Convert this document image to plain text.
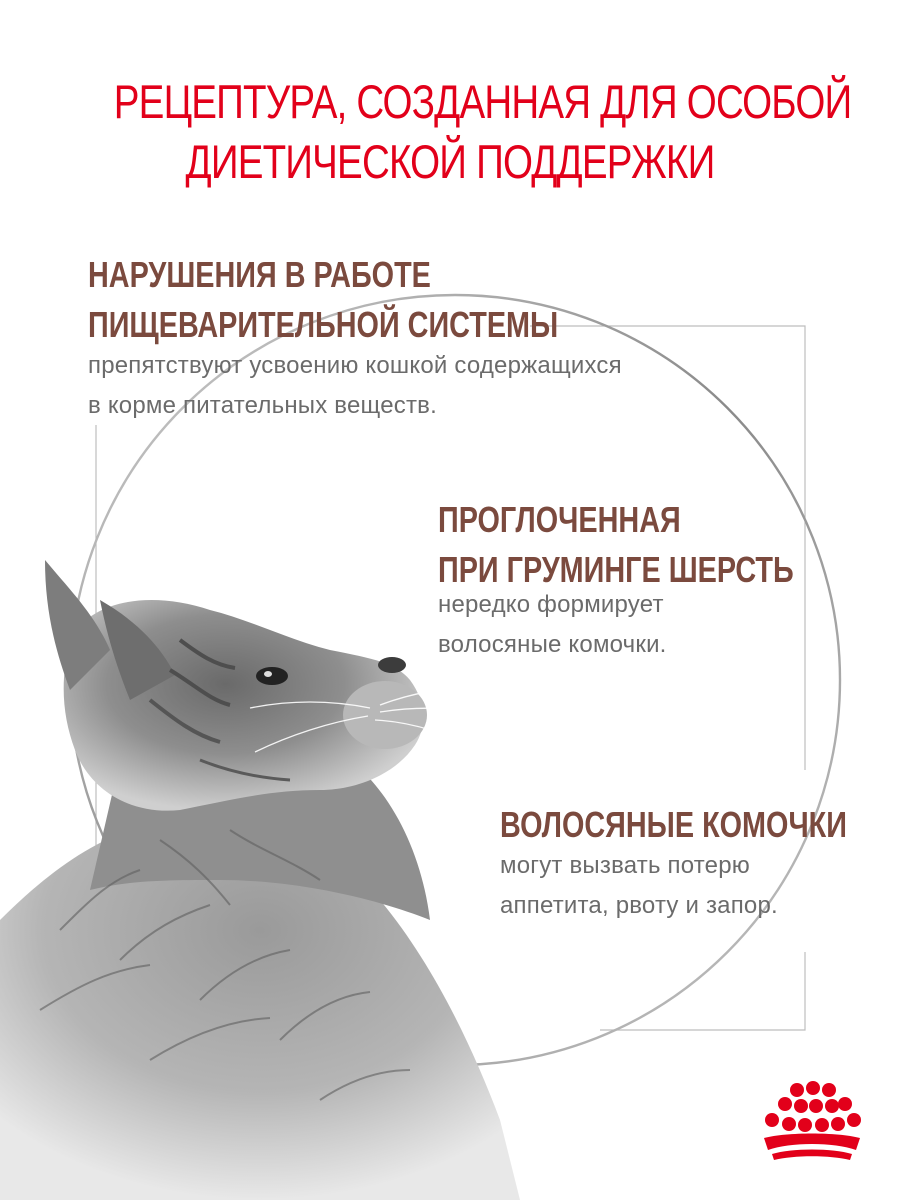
РЕЦЕПТУРА, СОЗДАННАЯ ДЛЯ ОСОБОЙ
ДИЕТИЧЕСКОЙ ПОДДЕРЖКИ
НАРУШЕНИЯ В РАБОТЕ
ПИЩЕВАРИТЕЛЬНОЙ СИСТЕМЫ
препятствуют усвоению кошкой содержащихся
в корме питательных веществ.
ПРОГЛОЧЕННАЯ
ПРИ ГРУМИНГЕ ШЕРСТЬ
нередко формирует
волосяные комочки.
ВОЛОСЯНЫЕ КОМОЧКИ
могут вызвать потерю
аппетита, рвоту и запор.
